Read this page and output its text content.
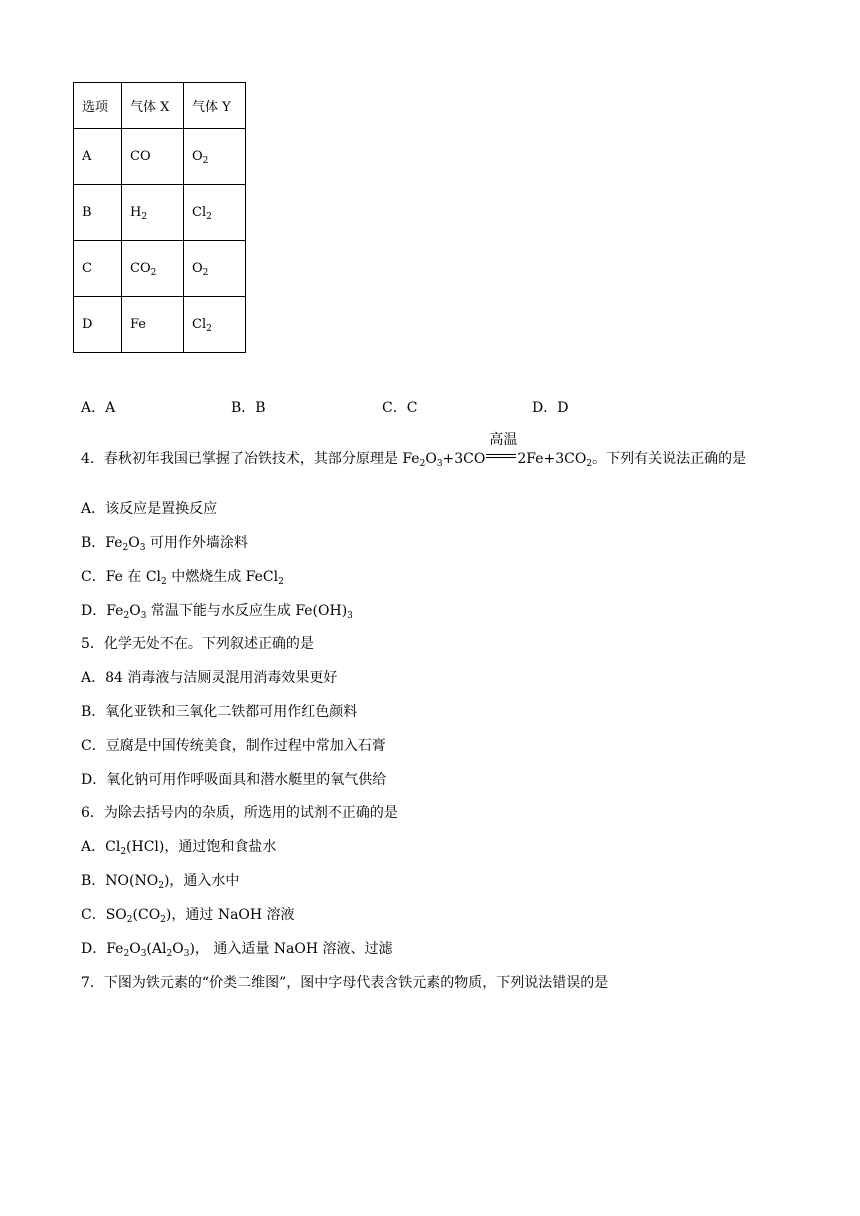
选项	气体 X	气体 Y
A	CO	$O_2$
B	$H_2$	$Cl_2$
C	$CO_2$	$O_2$
D	Fe	$Cl_2$
A．A	B．B	C．C	D．D
4．春秋初年我国已掌握了冶铁技术，其部分原理是 $Fe_2O_3+3CO$
高温
$2Fe+3CO_2$。下列有关说法正确的是
A．该反应是置换反应
B．$Fe_2O_3$ 可用作外墙涂料
C．Fe 在 $Cl_2$ 中燃烧生成 FeCl$_2$
D．$Fe_2O_3$ 常温下能与水反应生成 $Fe(OH)_3$
5．化学无处不在。下列叙述正确的是
A．84 消毒液与洁厕灵混用消毒效果更好
B．氧化亚铁和三氧化二铁都可用作红色颜料
C．豆腐是中国传统美食，制作过程中常加入石膏
D．氧化钠可用作呼吸面具和潜水艇里的氧气供给
6．为除去括号内的杂质，所选用的试剂不正确的是
A．$Cl_2(HCl)$，通过饱和食盐水
B．$NO(NO_2)$，通入水中
C．$SO_2(CO_2)$，通过 NaOH 溶液
D．$Fe_2O_3(Al_2O_3)$， 通入适量 NaOH 溶液、过滤
7．下图为铁元素的“价类二维图”，图中字母代表含铁元素的物质，下列说法错误的是
